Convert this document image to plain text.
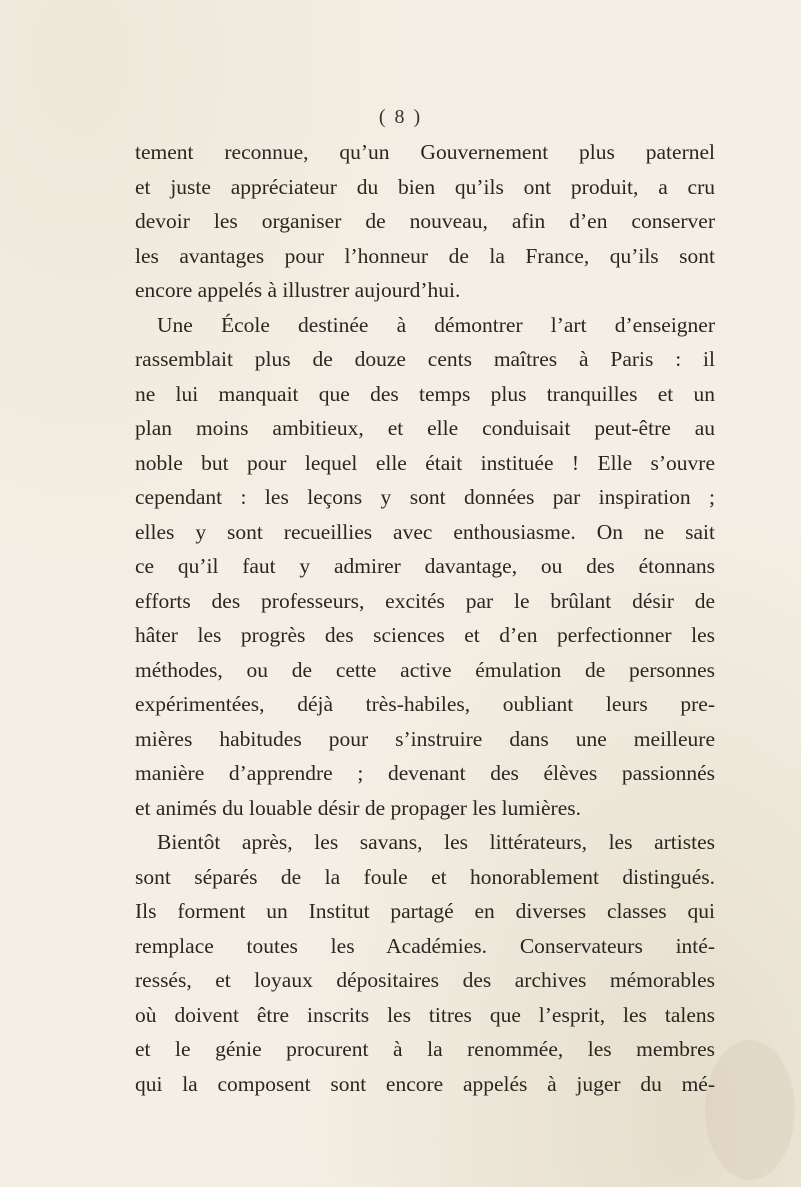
( 8 )
tement reconnue, qu’un Gouvernement plus paternel
et juste appréciateur du bien qu’ils ont produit, a cru
devoir les organiser de nouveau, afin d’en conserver
les avantages pour l’honneur de la France, qu’ils sont
encore appelés à illustrer aujourd’hui.
Une École destinée à démontrer l’art d’enseigner
rassemblait plus de douze cents maîtres à Paris : il
ne lui manquait que des temps plus tranquilles et un
plan moins ambitieux, et elle conduisait peut-être au
noble but pour lequel elle était instituée ! Elle s’ouvre
cependant : les leçons y sont données par inspiration ;
elles y sont recueillies avec enthousiasme. On ne sait
ce qu’il faut y admirer davantage, ou des étonnans
efforts des professeurs, excités par le brûlant désir de
hâter les progrès des sciences et d’en perfectionner les
méthodes, ou de cette active émulation de personnes
expérimentées, déjà très-habiles, oubliant leurs pre-
mières habitudes pour s’instruire dans une meilleure
manière d’apprendre ; devenant des élèves passionnés
et animés du louable désir de propager les lumières.
Bientôt après, les savans, les littérateurs, les artistes
sont séparés de la foule et honorablement distingués.
Ils forment un Institut partagé en diverses classes qui
remplace toutes les Académies. Conservateurs inté-
ressés, et loyaux dépositaires des archives mémorables
où doivent être inscrits les titres que l’esprit, les talens
et le génie procurent à la renommée, les membres
qui la composent sont encore appelés à juger du mé-
